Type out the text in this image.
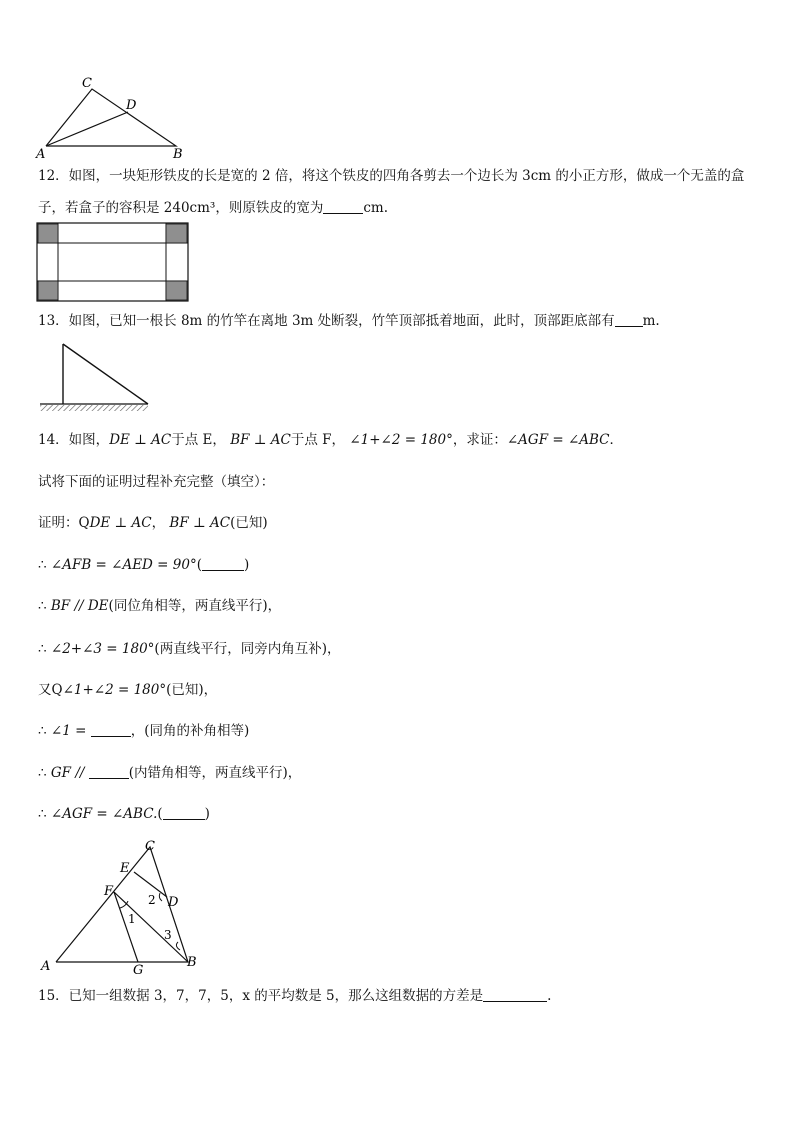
C
D
A	B
12．如图，一块矩形铁皮的长是宽的 2 倍，将这个铁皮的四角各剪去一个边长为 3cm 的小正方形，做成一个无盖的盒
子，若盒子的容积是 240cm³，则原铁皮的宽为	cm.
13．如图，已知一根长 8m 的竹竿在离地 3m 处断裂，竹竿顶部抵着地面，此时，顶部距底部有 m.
14．如图，DE ⊥ AC于点 E， BF ⊥ AC于点 F， ∠1+∠2 = 180°，求证：∠AGF = ∠ABC．
试将下面的证明过程补充完整（填空）：
证明：QDE ⊥ AC， BF ⊥ AC(已知)
∴ ∠AFB = ∠AED = 90°(	)
∴ BF // DE(同位角相等，两直线平行)，
∴ ∠2+∠3 = 180°(两直线平行，同旁内角互补)，
又Q∠1+∠2 = 180°(已知)，
∴ ∠1 =	，(同角的补角相等)
∴ GF //	(内错角相等，两直线平行)，
∴ ∠AGF = ∠ABC.(	)
C
E
F
D
A	G
B
1
2
3
15．已知一组数据 3，7，7，5，x 的平均数是 5，那么这组数据的方差是	.
